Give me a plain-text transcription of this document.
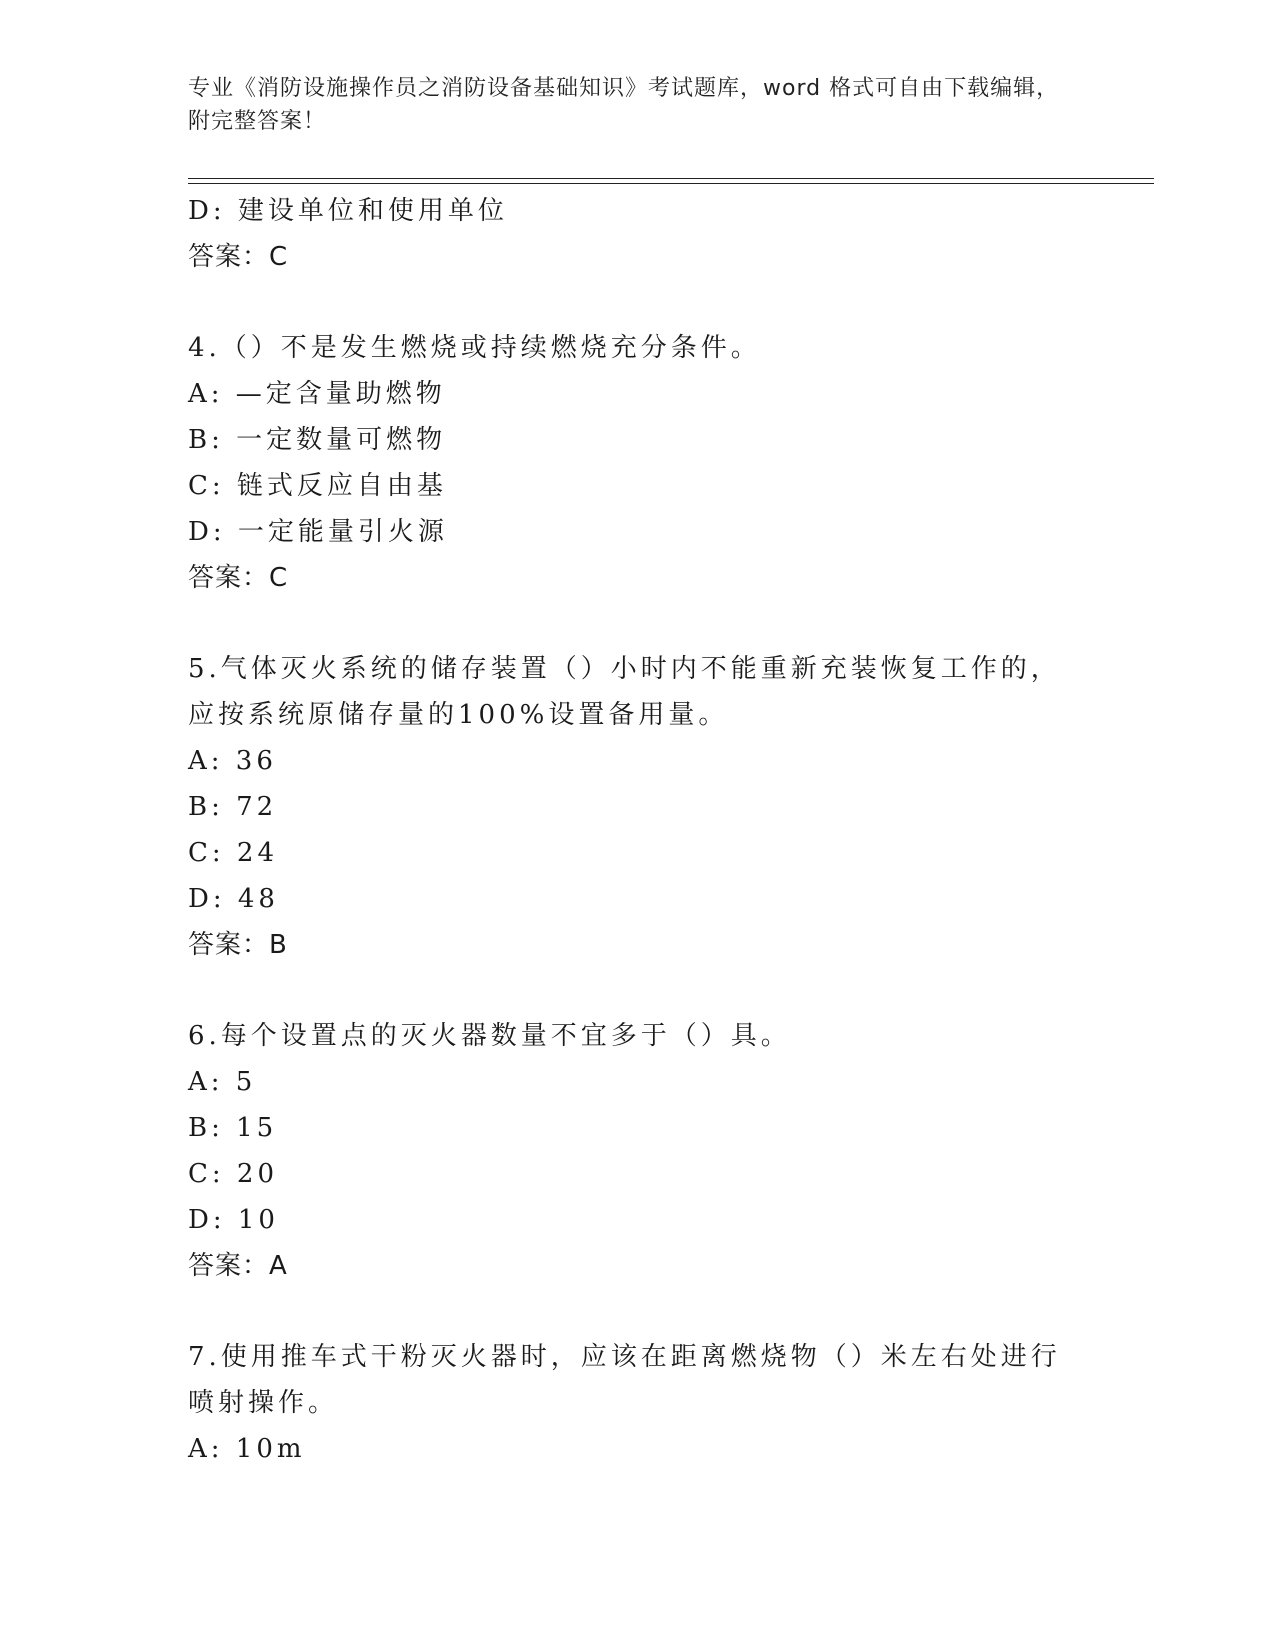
专业《消防设施操作员之消防设备基础知识》考试题库，word 格式可自由下载编辑，附完整答案！
D: 建设单位和使用单位
答案：C
4.（）不是发生燃烧或持续燃烧充分条件。
A: —定含量助燃物
B: 一定数量可燃物
C: 链式反应自由基
D: 一定能量引火源
答案：C
5.气体灭火系统的储存装置（）小时内不能重新充装恢复工作的，应按系统原储存量的100%设置备用量。
A: 36
B: 72
C: 24
D: 48
答案：B
6.每个设置点的灭火器数量不宜多于（）具。
A: 5
B: 15
C: 20
D: 10
答案：A
7.使用推车式干粉灭火器时，应该在距离燃烧物（）米左右处进行喷射操作。
A: 10m
